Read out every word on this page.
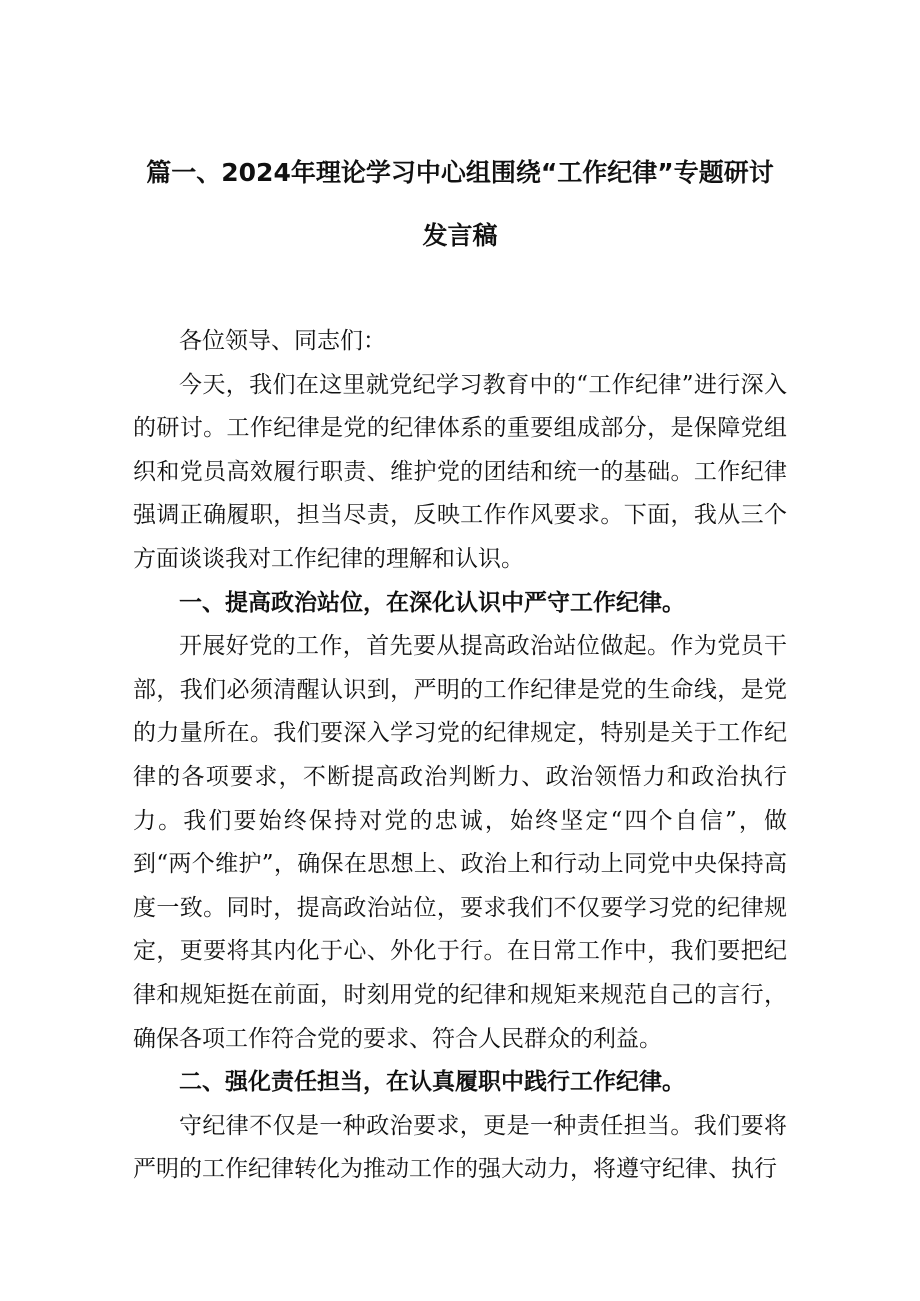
篇一、2024年理论学习中心组围绕“工作纪律”专题研讨
发言稿

各位领导、同志们：

今天，我们在这里就党纪学习教育中的“工作纪律”进行深入的研讨。工作纪律是党的纪律体系的重要组成部分，是保障党组织和党员高效履行职责、维护党的团结和统一的基础。工作纪律强调正确履职，担当尽责，反映工作作风要求。下面，我从三个方面谈谈我对工作纪律的理解和认识。

一、提高政治站位，在深化认识中严守工作纪律。

开展好党的工作，首先要从提高政治站位做起。作为党员干部，我们必须清醒认识到，严明的工作纪律是党的生命线，是党的力量所在。我们要深入学习党的纪律规定，特别是关于工作纪律的各项要求，不断提高政治判断力、政治领悟力和政治执行力。我们要始终保持对党的忠诚，始终坚定“四个自信”，做到“两个维护”，确保在思想上、政治上和行动上同党中央保持高度一致。同时，提高政治站位，要求我们不仅要学习党的纪律规定，更要将其内化于心、外化于行。在日常工作中，我们要把纪律和规矩挺在前面，时刻用党的纪律和规矩来规范自己的言行，确保各项工作符合党的要求、符合人民群众的利益。

二、强化责任担当，在认真履职中践行工作纪律。

守纪律不仅是一种政治要求，更是一种责任担当。我们要将严明的工作纪律转化为推动工作的强大动力，将遵守纪律、执行
